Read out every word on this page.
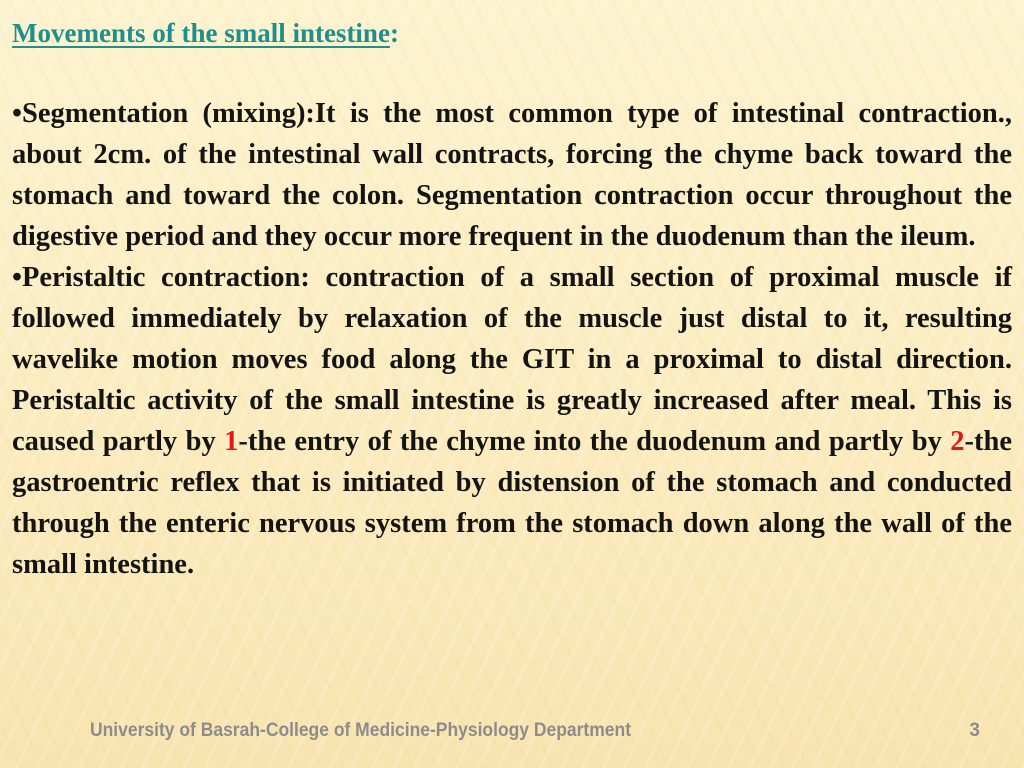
Movements of the small intestine:

•Segmentation (mixing):It is the most common type of intestinal contraction., about 2cm. of the intestinal wall contracts, forcing the chyme back toward the stomach and toward the colon. Segmentation contraction occur throughout the digestive period and they occur more frequent in the duodenum than the ileum.

•Peristaltic contraction: contraction of a small section of proximal muscle if followed immediately by relaxation of the muscle just distal to it, resulting wavelike motion moves food along the GIT in a proximal to distal direction. Peristaltic activity of the small intestine is greatly increased after meal. This is caused partly by 1-the entry of the chyme into the duodenum and partly by 2-the gastroentric reflex that is initiated by distension of the stomach and conducted through the enteric nervous system from the stomach down along the wall of the small intestine.

University of Basrah-College of Medicine-Physiology Department	3
